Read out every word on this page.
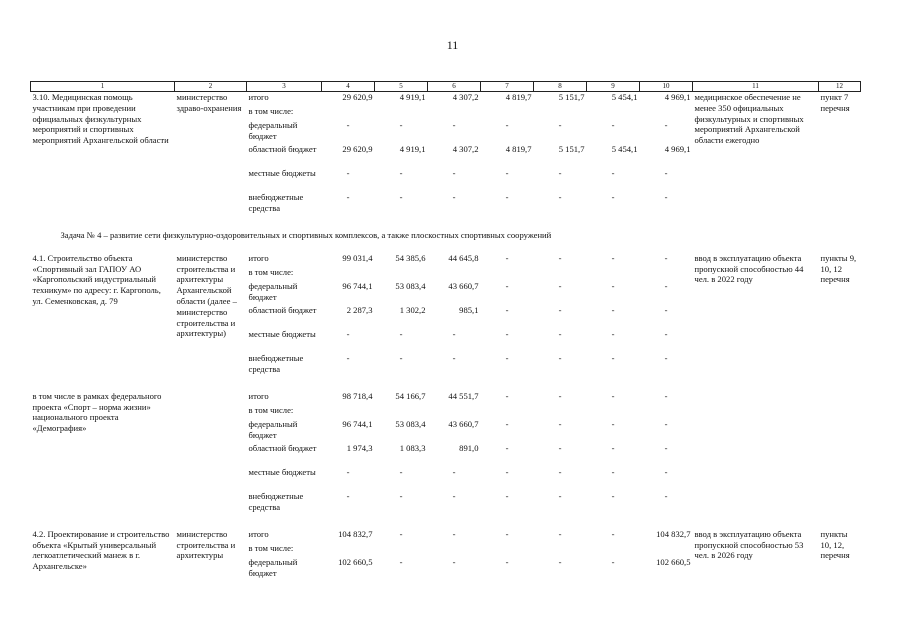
11
1	2	3	4	5	6	7	8	9	10	11	12
3.10. Медицинская помощь участникам при проведении официальных физкультурных мероприятий и спортивных мероприятий Архангельской области	министерство здраво-охранения	итого	29 620,9	4 919,1	4 307,2	4 819,7	5 151,7	5 454,1	4 969,1	медицинское обеспечение не менее 350 официальных физкультурных и спортивных мероприятий Архангельской области ежегодно	пункт 7 перечня
		в том числе:									
		федеральный бюджет	-	-	-	-	-	-	-		
		областной бюджет	29 620,9	4 919,1	4 307,2	4 819,7	5 151,7	5 454,1	4 969,1		
		местные бюджеты	-	-	-	-	-	-	-		
		внебюджетные средства	-	-	-	-	-	-	-		
Задача № 4 – развитие сети физкультурно-оздоровительных и спортивных комплексов, а также плоскостных спортивных сооружений											
4.1. Строительство объекта «Спортивный зал ГАПОУ АО «Каргопольский индустриальный техникум» по адресу: г. Каргополь, ул. Семенковская, д. 79	министерство строительства и архитектуры Архангельской области (далее – министерство строительства и архитектуры)	итого	99 031,4	54 385,6	44 645,8	-	-	-	-	ввод в эксплуатацию объекта пропускной способностью 44 чел. в 2022 году	пункты 9, 10, 12 перечня
		в том числе:									
		федеральный бюджет	96 744,1	53 083,4	43 660,7	-	-	-	-		
		областной бюджет	2 287,3	1 302,2	985,1	-	-	-	-		
		местные бюджеты	-	-	-	-	-	-	-		
		внебюджетные средства	-	-	-	-	-	-	-		

в том числе в рамках федерального проекта «Спорт – норма жизни» национального проекта «Демография»		итого	98 718,4	54 166,7	44 551,7	-	-	-	-		
		в том числе:									
		федеральный бюджет	96 744,1	53 083,4	43 660,7	-	-	-	-		
		областной бюджет	1 974,3	1 083,3	891,0	-	-	-	-		
		местные бюджеты	-	-	-	-	-	-	-		
		внебюджетные средства	-	-	-	-	-	-	-		

4.2. Проектирование и строительство объекта «Крытый универсальный легкоатлетический манеж в г. Архангельске»	министерство строительства и архитектуры	итого	104 832,7	-	-	-	-	-	104 832,7	ввод в эксплуатацию объекта пропускной способностью 53 чел. в 2026 году	пункты 10, 12, перечня
		в том числе:									
		федеральный бюджет	102 660,5	-	-	-	-	-	102 660,5		
